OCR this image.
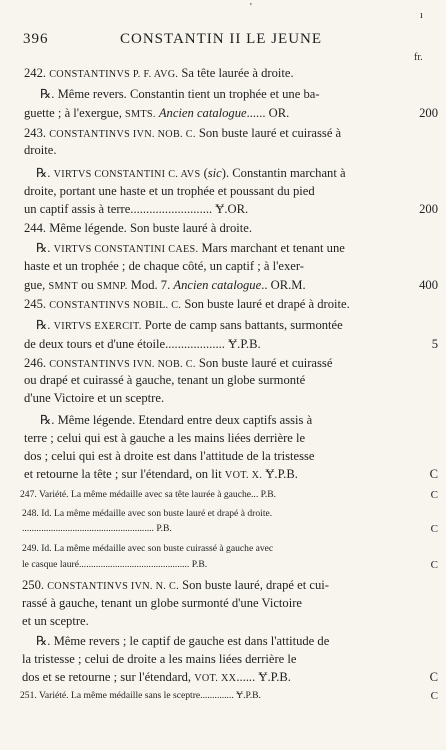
ı
'
396	CONSTANTIN II LE JEUNE
fr.
242. CONSTANTINVS P. F. AVG. Sa tête laurée à droite.
℞. Même revers. Constantin tient un trophée et une ba-
guette ; à l'exergue, SMTS. Ancien catalogue...... OR.	200
243. CONSTANTINVS IVN. NOB. C. Son buste lauré et cuirassé à
droite.
℞. VIRTVS CONSTANTINI C. AVS (sic). Constantin marchant à
droite, portant une haste et un trophée et poussant du pied
un captif assis à terre.......................... Ɏ.OR.	200
244. Même légende. Son buste lauré à droite.
℞. VIRTVS CONSTANTINI CAES. Mars marchant et tenant une
haste et un trophée ; de chaque côté, un captif ; à l'exer-
gue, SMNT ou SMNP. Mod. 7. Ancien catalogue.. OR.M.	400
245. CONSTANTINVS NOBIL. C. Son buste lauré et drapé à droite.
℞. VIRTVS EXERCIT. Porte de camp sans battants, surmontée
de deux tours et d'une étoile................... Ɏ.P.B.	5
246. CONSTANTINVS IVN. NOB. C. Son buste lauré et cuirassé
ou drapé et cuirassé à gauche, tenant un globe surmonté
d'une Victoire et un sceptre.
℞. Même légende. Etendard entre deux captifs assis à
terre ; celui qui est à gauche a les mains liées derrière le
dos ; celui qui est à droite est dans l'attitude de la tristesse
et retourne la tête ; sur l'étendard, on lit VOT. X. Ɏ.P.B.	C
247. Variété. La même médaille avec sa tête laurée à gauche... P.B.	C
248. Id. La même médaille avec son buste lauré et drapé à droite.
....................................................... P.B.	C
249. Id. La même médaille avec son buste cuirassé à gauche avec
le casque lauré.............................................. P.B.	C
250. CONSTANTINVS IVN. N. C. Son buste lauré, drapé et cui-
rassé à gauche, tenant un globe surmonté d'une Victoire
et un sceptre.
℞. Même revers ; le captif de gauche est dans l'attitude de
la tristesse ; celui de droite a les mains liées derrière le
dos et se retourne ; sur l'étendard, VOT. XX...... Ɏ.P.B.	C
251. Variété. La même médaille sans le sceptre.............. Ɏ.P.B.	C
